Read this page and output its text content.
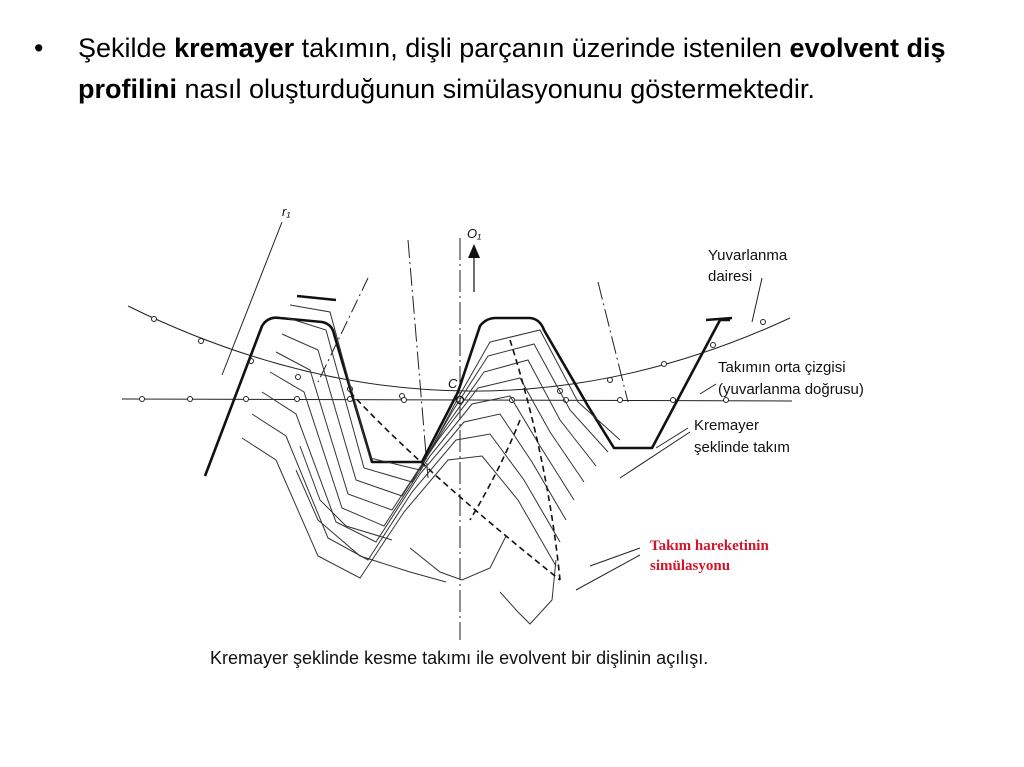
• Şekilde kremayer takımın, dişli parçanın üzerinde istenilen evolvent diş profilini nasıl oluşturduğunun simülasyonunu göstermektedir.
r₁
O₁
C
Yuvarlanma
dairesi
Takımın orta çizgisi
(yuvarlanma doğrusu)
Kremayer
şeklinde takım
Takım hareketinin
simülasyonu
Kremayer şeklinde kesme takımı ile evolvent bir dişlinin açılışı.
